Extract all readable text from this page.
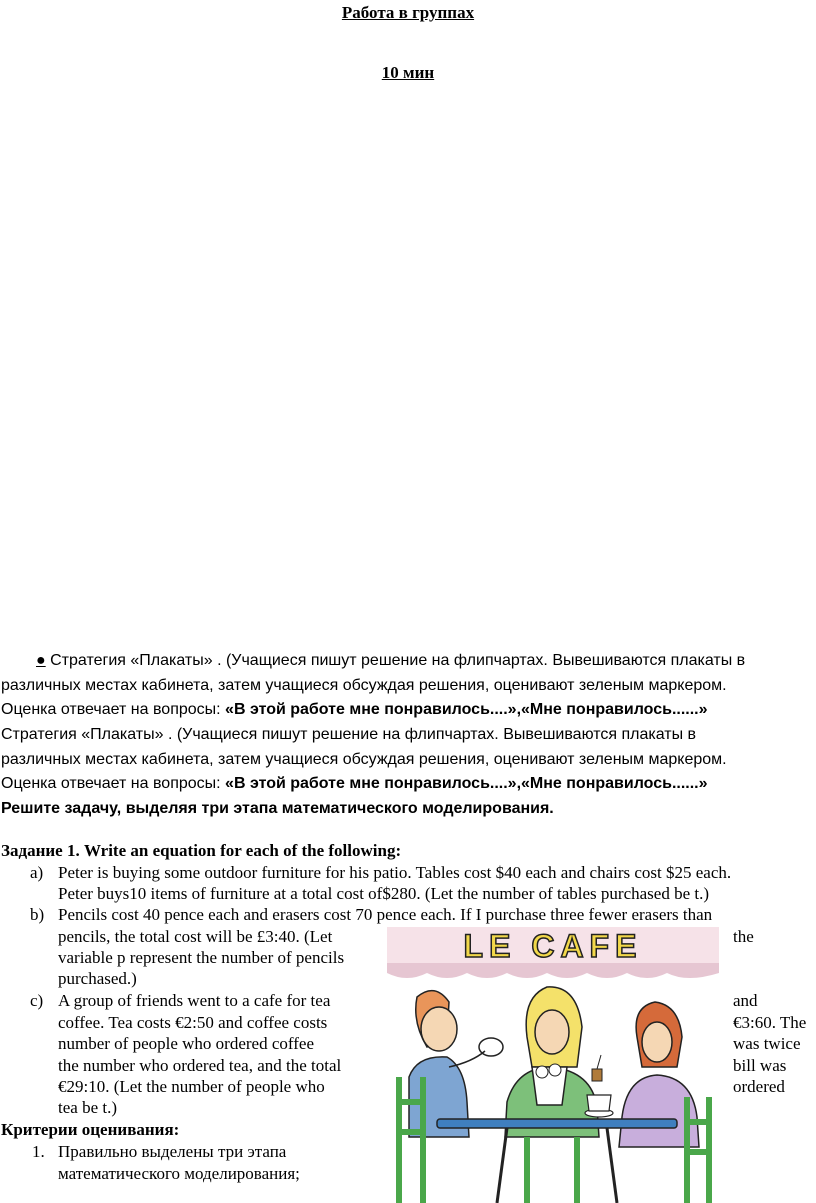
Работа в группах
10 мин
● Стратегия «Плакаты» . (Учащиеся пишут решение на флипчартах. Вывешиваются плакаты в
различных местах кабинета, затем учащиеся обсуждая решения, оценивают зеленым маркером.
Оценка отвечает на вопросы: «В этой работе мне понравилось....»,«Мне понравилось......»
Стратегия «Плакаты» . (Учащиеся пишут решение на флипчартах. Вывешиваются плакаты в
различных местах кабинета, затем учащиеся обсуждая решения, оценивают зеленым маркером.
Оценка отвечает на вопросы: «В этой работе мне понравилось....»,«Мне понравилось......»
Решите задачу, выделяя три этапа математического моделирования.
Задание 1. Write an equation for each of the following:
a) Peter is buying some outdoor furniture for his patio. Tables cost $40 each and chairs cost $25 each.
Peter buys10 items of furniture at a total cost of$280. (Let the number of tables purchased be t.)
b) Pencils cost 40 pence each and erasers cost 70 pence each. If I purchase three fewer erasers than
pencils, the total cost will be £3:40. (Let	the
variable p represent the number of pencils
purchased.)
c) A group of friends went to a cafe for tea
coffee. Tea costs €2:50 and coffee costs
number of people who ordered coffee
the number who ordered tea, and the total
€29:10. (Let the number of people who
tea be t.)
and
€3:60. The
was twice
bill was
ordered
Критерии оценивания:
1. Правильно выделены три этапа
математического моделирования;
LE CAFE
